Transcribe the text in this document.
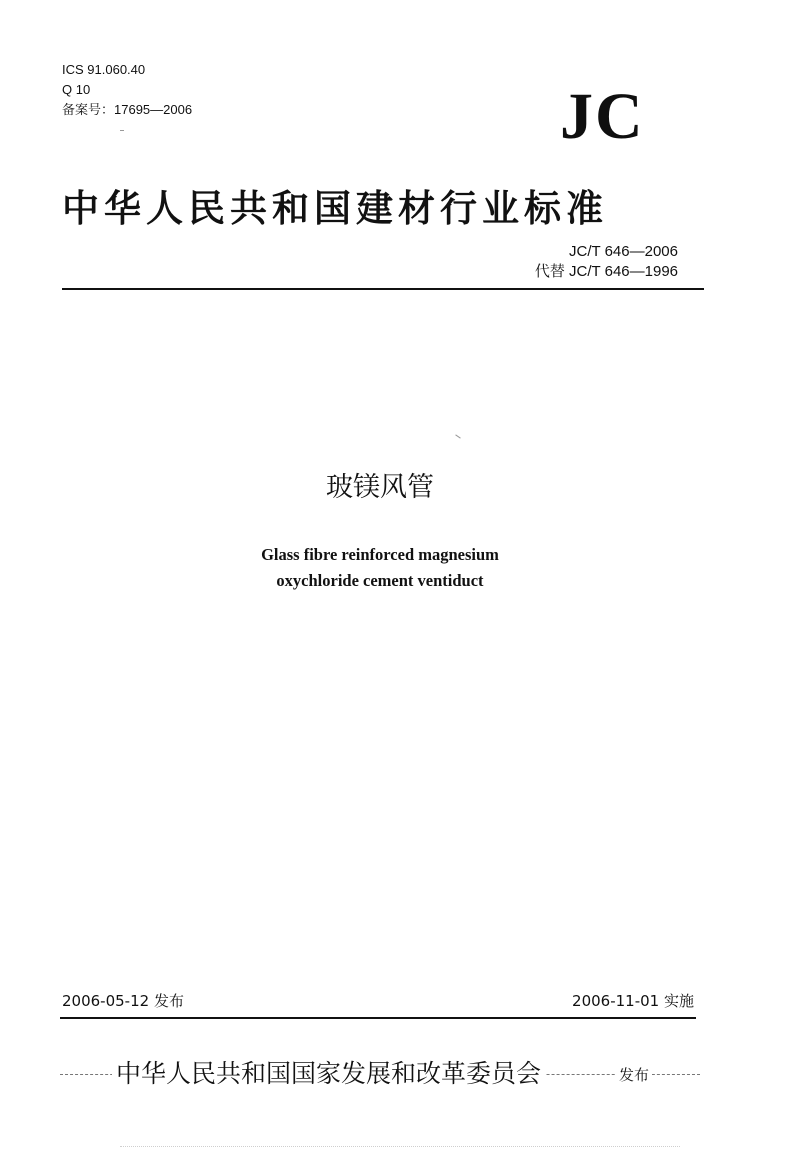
ICS 91.060.40
Q 10
备案号：17695—2006	JC
中华人民共和国建材行业标准
JC/T 646—2006
代替 JC/T 646—1996
玻镁风管
Glass fibre reinforced magnesium
oxychloride cement ventiduct
2006-05-12 发布	2006-11-01 实施
中华人民共和国国家发展和改革委员会	发布
